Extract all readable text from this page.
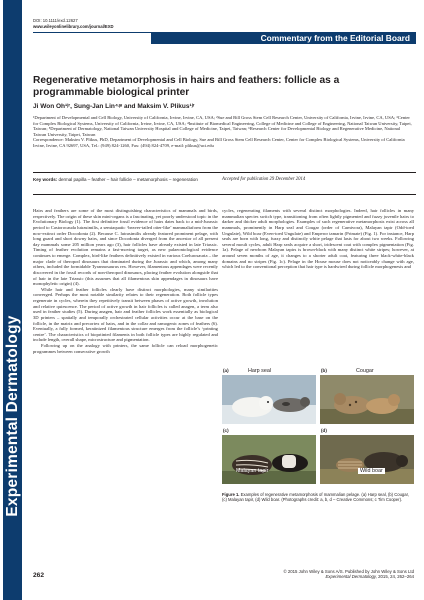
Experimental Dermatology
DOI: 10.1111/exd.12627
www.wileyonlinelibrary.com/journal/EXD
Commentary from the Editorial Board
Regenerative metamorphosis in hairs and feathers: follicle as a programmable biological printer
Ji Won Oh¹ʲʳ, Sung-Jan Lin⁴ʵʶ and Maksim V. Plikus¹ʲʳ
¹Department of Developmental and Cell Biology, University of California, Irvine, Irvine, CA, USA; ²Sue and Bill Gross Stem Cell Research Center, University of California, Irvine, Irvine, CA, USA; ³Center for Complex Biological Systems, University of California, Irvine, Irvine, CA, USA; ⁴Institute of Biomedical Engineering, College of Medicine and College of Engineering, National Taiwan University, Taipei, Taiwan; ⁵Department of Dermatology, National Taiwan University Hospital and College of Medicine, Taipei, Taiwan; ⁶Research Center for Developmental Biology and Regenerative Medicine, National Taiwan University, Taipei, Taiwan
Correspondence: Maksim V. Plikus, PhD, Department of Developmental and Cell Biology, Sue and Bill Gross Stem Cell Research Center, Center for Complex Biological Systems, University of California Irvine, Irvine, CA 92697, USA, Tel.: (949) 824-1260, Fax: (494) 824-4709, e-mail: plikus@uci.edu
Key words: dermal papilla – feather – hair follicle – metamorphosis – regeneration	Accepted for publication 29 December 2014

Hairs and feathers are some of the most distinguishing characteristics of mammals and birds, respectively. The origin of these skin mini-organs is a fascinating, yet poorly understood topic in the Evolutionary Biology (1). The first definitive fossil evidence of hairs dates back to a mid-Jurassic period to Castorocauda lutrasimilis, a semiaquatic ‘beaver-tailed otter-like’ mammaliaform from the now-extinct order Docodonta (2). Because C. lutrasimilis already featured prominent pelage, with long guard and short downy hairs, and since Docodonta diverged from the ancestor of all present day mammals some 205 million years ago (3), hair follicles have already existed in late Triassic. Timing of feather evolution remains a fast-moving target, as new palaeontological evidence continues to emerge. Complex, bird-like feathers definitively existed in various Coelurosauria – the major clade of theropod dinosaurs that dominated during the Jurassic and which, among many others, included the formidable Tyrannosaurus rex. However, filamentous appendages were recently discovered in the fossil records of non-theropod dinosaurs, placing feather evolution alongside that of hair in the late Triassic (this assumes that all filamentous skin appendages in dinosaurs have monophyletic origin) (4).

While hair and feather follicles clearly have distinct morphologies, many similarities converged. Perhaps the most notable similarity relates to their regeneration. Both follicle types regenerate in cycles, wherein they repetitively transit between phases of active growth, involution and relative quiescence. The period of active growth in hair follicles is called anagen, a term also used in feather studies (5). During anagen, hair and feather follicles work essentially as biological 3D printers – spatially and temporally orchestrated cellular activities occur at the base on the follicle, in the matrix and precortex of hairs, and in the collar and ramogenic zones of feathers (6). Eventually, a fully formed, keratinized filamentous structure emerges from the follicle’s ‘printing centre’. The characteristics of biopriinted filaments in both follicle types are highly regulated and include length, overall shape, microstructure and pigmentation.

Following up on the analogy with printers, the same follicle can reload morphogenetic programmes between consecutive growth

cycles, regenerating filaments with several distinct morphologies. Indeed, hair follicles in many mammalian species switch type, transitioning from often lightly pigmented and fuzzy juvenile hairs to darker and thicker adult morphologies. Examples of such regenerative metamorphosis exist across all mammals, prominently in Harp seal and Cougar (order of Carnivora), Malayan tapir (Odd-toed Ungulate), Wild boar (Even-toed Ungulate) and Emperor tamarin (Primate) (Fig. 1). For instance, Harp seals are born with long, fuzzy and distinctly white pelage that lasts for about two weeks. Following several moult cycles, adult Harp seals acquire a short, iridescent coat with complex pigmentation (Fig. 1a). Pelage of newborn Malayan tapirs is brown-black with many distinct white stripes; however, at around seven months of age, it changes to a shorter adult coat, featuring three black-white-black domains and no stripes (Fig. 1c). Pelage in the House mouse does not noticeably change with age, which led to the conventional perception that hair type is hardwired during follicle morphogenesis and

(a)	Harp seal	(b)	Cougar
(c)
Malayan tapir
(d)
Wild boar
Figure 1. Examples of regenerative metamorphosis of mammalian pelage. (a) Harp seal, (b) Cougar, (c) Malayan tapir, (d) Wild boar. (Photographs credit: a, b, d – Creative Commons; c Tim Cooper).
262
© 2015 John Wiley & Sons A/S. Published by John Wiley & Sons Ltd
Experimental Dermatology, 2015, 24, 262–264
